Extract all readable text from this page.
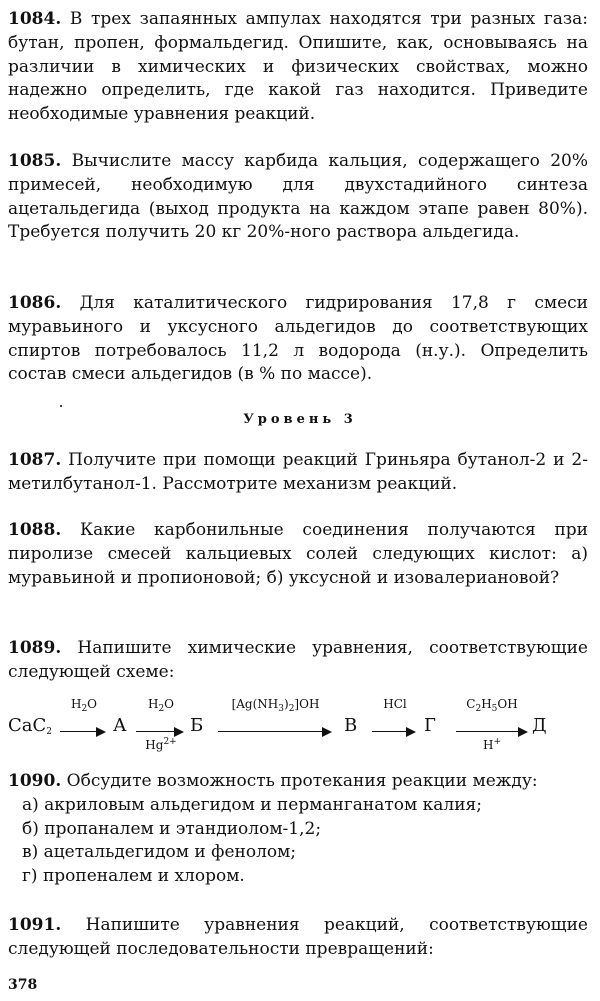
1084. В трех запаянных ампулах находятся три разных газа: бутан, пропен, формальдегид. Опишите, как, основываясь на различии в химических и физических свойствах, можно надежно определить, где какой газ находится. Приведите необходимые уравнения реакций.
1085. Вычислите массу карбида кальция, содержащего 20% примесей, необходимую для двухстадийного синтеза ацетальдегида (выход продукта на каждом этапе равен 80%). Требуется получить 20 кг 20%-ного раствора альдегида.
1086. Для каталитического гидрирования 17,8 г смеси муравьиного и уксусного альдегидов до соответствующих спиртов потребовалось 11,2 л водорода (н.у.). Определить состав смеси альдегидов (в % по массе).
Уровень 3
1087. Получите при помощи реакций Гриньяра бутанол-2 и 2-метилбутанол-1. Рассмотрите механизм реакций.
1088. Какие карбонильные соединения получаются при пиролизе смесей кальциевых солей следующих кислот: а) муравьиной и пропионовой; б) уксусной и изовалериановой?
1089. Напишите химические уравнения, соответствующие следующей схеме:
CaC$_2$
$H_2O$
А
$H_2O$
$Hg^{2+}$
Б
$[Ag(NH_3)_2]OH$
В
HCl
Г
$C_2H_5OH$
H+
Д
1090. Обсудите возможность протекания реакции между:
а) акриловым альдегидом и перманганатом калия;
б) пропаналем и этандиолом-1,2;
в) ацетальдегидом и фенолом;
г) пропеналем и хлором.
1091. Напишите уравнения реакций, соответствующие следующей последовательности превращений:
378
